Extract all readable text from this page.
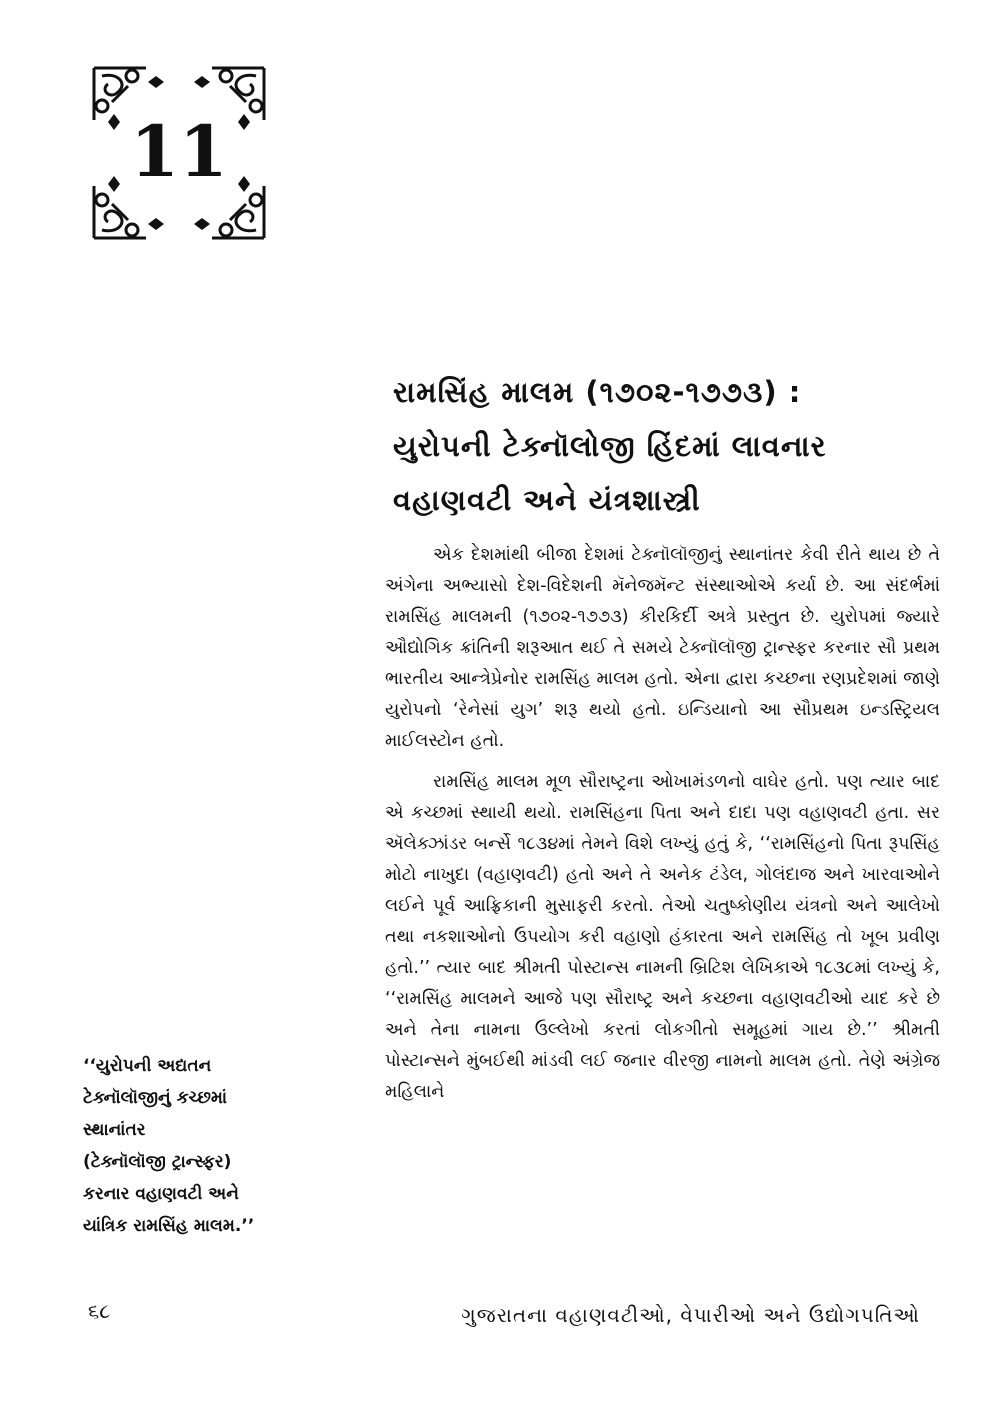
11
રામસિંહ માલમ (૧૭૦૨-૧૭૭૩) :
યુરોપની ટેક્નૉલોજી હિંદમાં લાવનાર
વહાણવટી અને યંત્રશાસ્ત્રી

એક દેશમાંથી બીજા દેશમાં ટેક્નૉલૉજીનું સ્થાનાંતર કેવી રીતે થાય છે તે અંગેના અભ્યાસો દેશ-વિદેશની મૅનેજમૅન્ટ સંસ્થાઓએ કર્યા છે. આ સંદર્ભમાં રામસિંહ માલમની (૧૭૦૨-૧૭૭૩) કીરકિર્દી અત્રે પ્રસ્તુત છે. યુરોપમાં જ્યારે ઔદ્યોગિક ક્રાંતિની શરૂઆત થઈ તે સમયે ટેક્નૉલૉજી ટ્રાન્સ્ફર કરનાર સૌ પ્રથમ ભારતીય આન્ત્રેપ્રેનોર રામસિંહ માલમ હતો. એના દ્વારા કચ્છના રણપ્રદેશમાં જાણે યુરોપનો ‘રેનેસાં યુગ’ શરૂ થયો હતો. ઇન્ડિયાનો આ સૌપ્રથમ ઇન્ડસ્ટ્રિયલ માઈલસ્ટોન હતો.

રામસિંહ માલમ મૂળ સૌરાષ્ટ્રના ઓખામંડળનો વાઘેર હતો. પણ ત્યાર બાદ એ કચ્છમાં સ્થાયી થયો. રામસિંહના પિતા અને દાદા પણ વહાણવટી હતા. સર ઍલેક્ઝાંડર બર્ન્સે ૧૮૩૪માં તેમને વિશે લખ્યું હતું કે, ‘‘રામસિંહનો પિતા રૂપસિંહ મોટો નાખુદા (વહાણવટી) હતો અને તે અનેક ટંડેલ, ગોલંદાજ અને ખારવાઓને લઈને પૂર્વ આફ્રિકાની મુસાફરી કરતો. તેઓ ચતુષ્કોણીય યંત્રનો અને આલેખો તથા નકશાઓનો ઉપયોગ કરી વહાણો હંકારતા અને રામસિંહ તો ખૂબ પ્રવીણ હતો.’’ ત્યાર બાદ શ્રીમતી પોસ્ટાન્સ નામની બ્રિટિશ લેખિકાએ ૧૮૩૮માં લખ્યું કે, ‘‘રામસિંહ માલમને આજે પણ સૌરાષ્ટ્ર અને કચ્છના વહાણવટીઓ યાદ કરે છે અને તેના નામના ઉલ્લેખો કરતાં લોકગીતો સમૂહમાં ગાય છે.’’ શ્રીમતી પોસ્ટાન્સને મુંબઈથી માંડવી લઈ જનાર વીરજી નામનો માલમ હતો. તેણે અંગ્રેજ મહિલાને

‘‘યુરોપની અદ્યતન
ટેક્નૉલૉજીનું કચ્છમાં
સ્થાનાંતર
(ટેક્નૉલૉજી ટ્રાન્સ્ફર)
કરનાર વહાણવટી અને
યાંત્રિક રામસિંહ માલમ.’’
૬૮	ગુજરાતના વહાણવટીઓ, વેપારીઓ અને ઉદ્યોગપતિઓ
